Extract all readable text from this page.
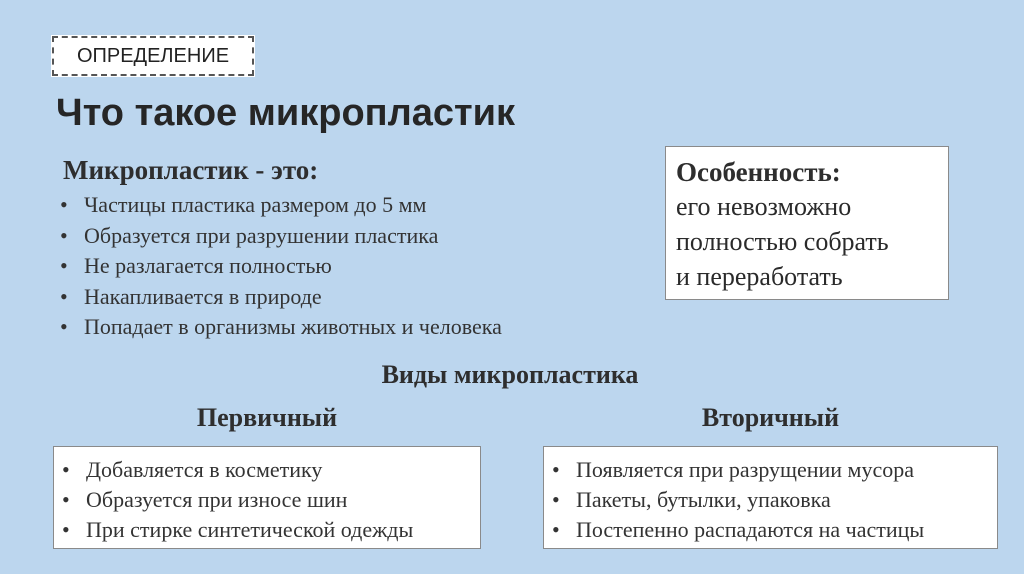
ОПРЕДЕЛЕНИЕ
Что такое микропластик
Микропластик - это:
• Частицы пластика размером до 5 мм
• Образуется при разрушении пластика
• Не разлагается полностью
• Накапливается в природе
• Попадает в организмы животных и человека
Особенность:
его невозможно
полностью собрать
и переработать
Виды микропластика
Первичный	Вторичный
• Добавляется в косметику
• Образуется при износе шин
• При стирке синтетической одежды
• Появляется при разрущении мусора
• Пакеты, бутылки, упаковка
• Постепенно распадаются на частицы
